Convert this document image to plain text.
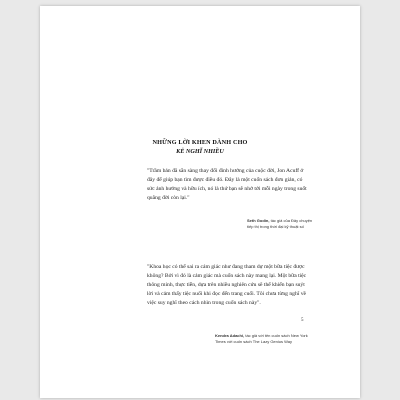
NHỮNG LỜI KHEN DÀNH CHO
KẺ NGHĨ NHIỀU

"Trầm bản đã sẵn sàng thay đổi đình hướng của cuộc đời, Jon Acuff ở đây để giúp bạn tìm được điều đó. Đây là một cuốn sách đơn giản, có sức ảnh hưởng và hữu ích, nó là thứ bạn sẽ nhớ tới mỗi ngày trong suốt quãng đời còn lại."

Seth Godin, tác giả của Đây chuyện tiếp thị trong thời đại kỹ thuật số

"Khoa học có thể sai ra cám giác như đang tham dự một bữa tiệc được không? Bởi vì đó là cảm giác mà cuốn sách này mang lại. Một bữa tiệc thông minh, thực tiễn, dựa trên nhiều nghiên cứu sẽ thể khiến bạn suýt lời và cảm thấy tiệc nuối khi đọc đến trang cuối. Tôi chưa từng nghĩ về việc suy nghĩ theo cách nhìn trong cuốn sách này".

Kendra Adachi, tác giả với tên cuốn sách New York Times với cuốn sách The Lazy Genius Way
5
